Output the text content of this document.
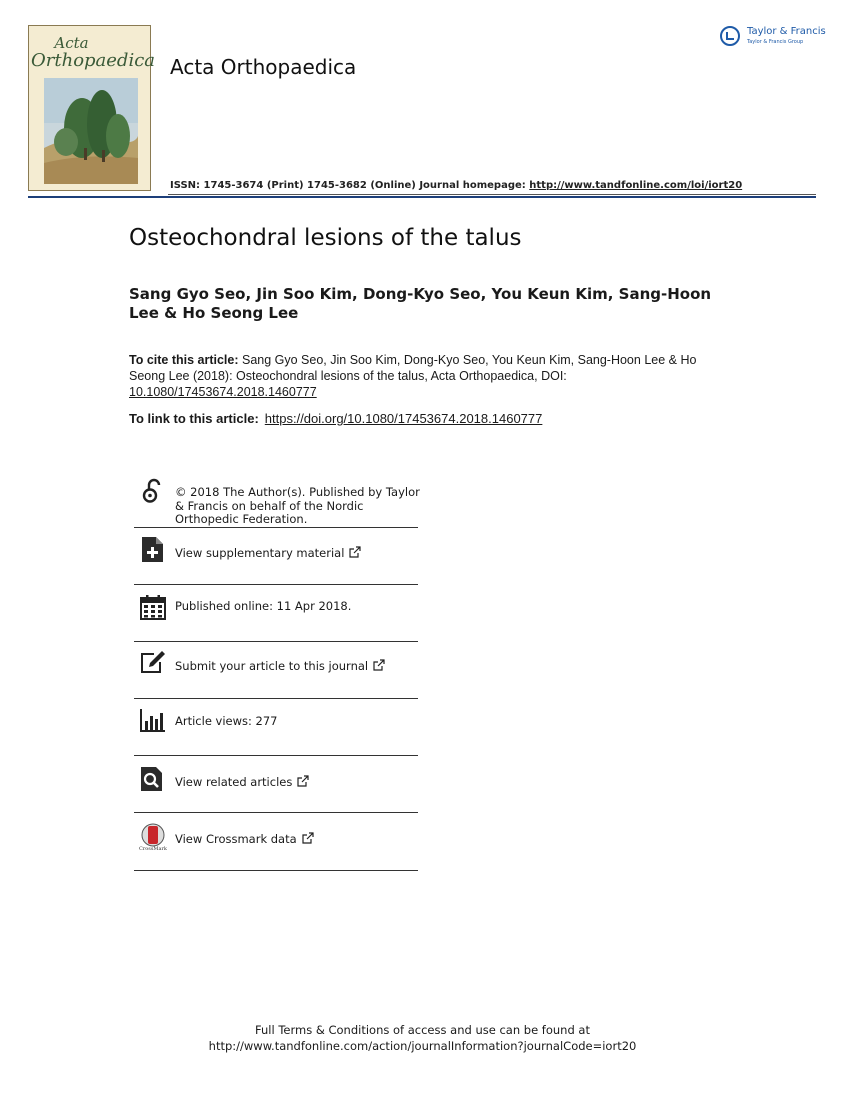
Acta
Orthopaedica Acta Orthopaedica
Taylor & Francis
Taylor & Francis Group
ISSN: 1745-3674 (Print) 1745-3682 (Online) Journal homepage: http://www.tandfonline.com/loi/iort20
Osteochondral lesions of the talus
Sang Gyo Seo, Jin Soo Kim, Dong-Kyo Seo, You Keun Kim, Sang-Hoon Lee & Ho Seong Lee
To cite this article: Sang Gyo Seo, Jin Soo Kim, Dong-Kyo Seo, You Keun Kim, Sang-Hoon Lee & Ho Seong Lee (2018): Osteochondral lesions of the talus, Acta Orthopaedica, DOI: 10.1080/17453674.2018.1460777
To link to this article: https://doi.org/10.1080/17453674.2018.1460777
© 2018 The Author(s). Published by Taylor & Francis on behalf of the Nordic Orthopedic Federation.
View supplementary material
Published online: 11 Apr 2018.
Submit your article to this journal
Article views: 277
View related articles
CrossMark
View Crossmark data
Full Terms & Conditions of access and use can be found at
http://www.tandfonline.com/action/journalInformation?journalCode=iort20
